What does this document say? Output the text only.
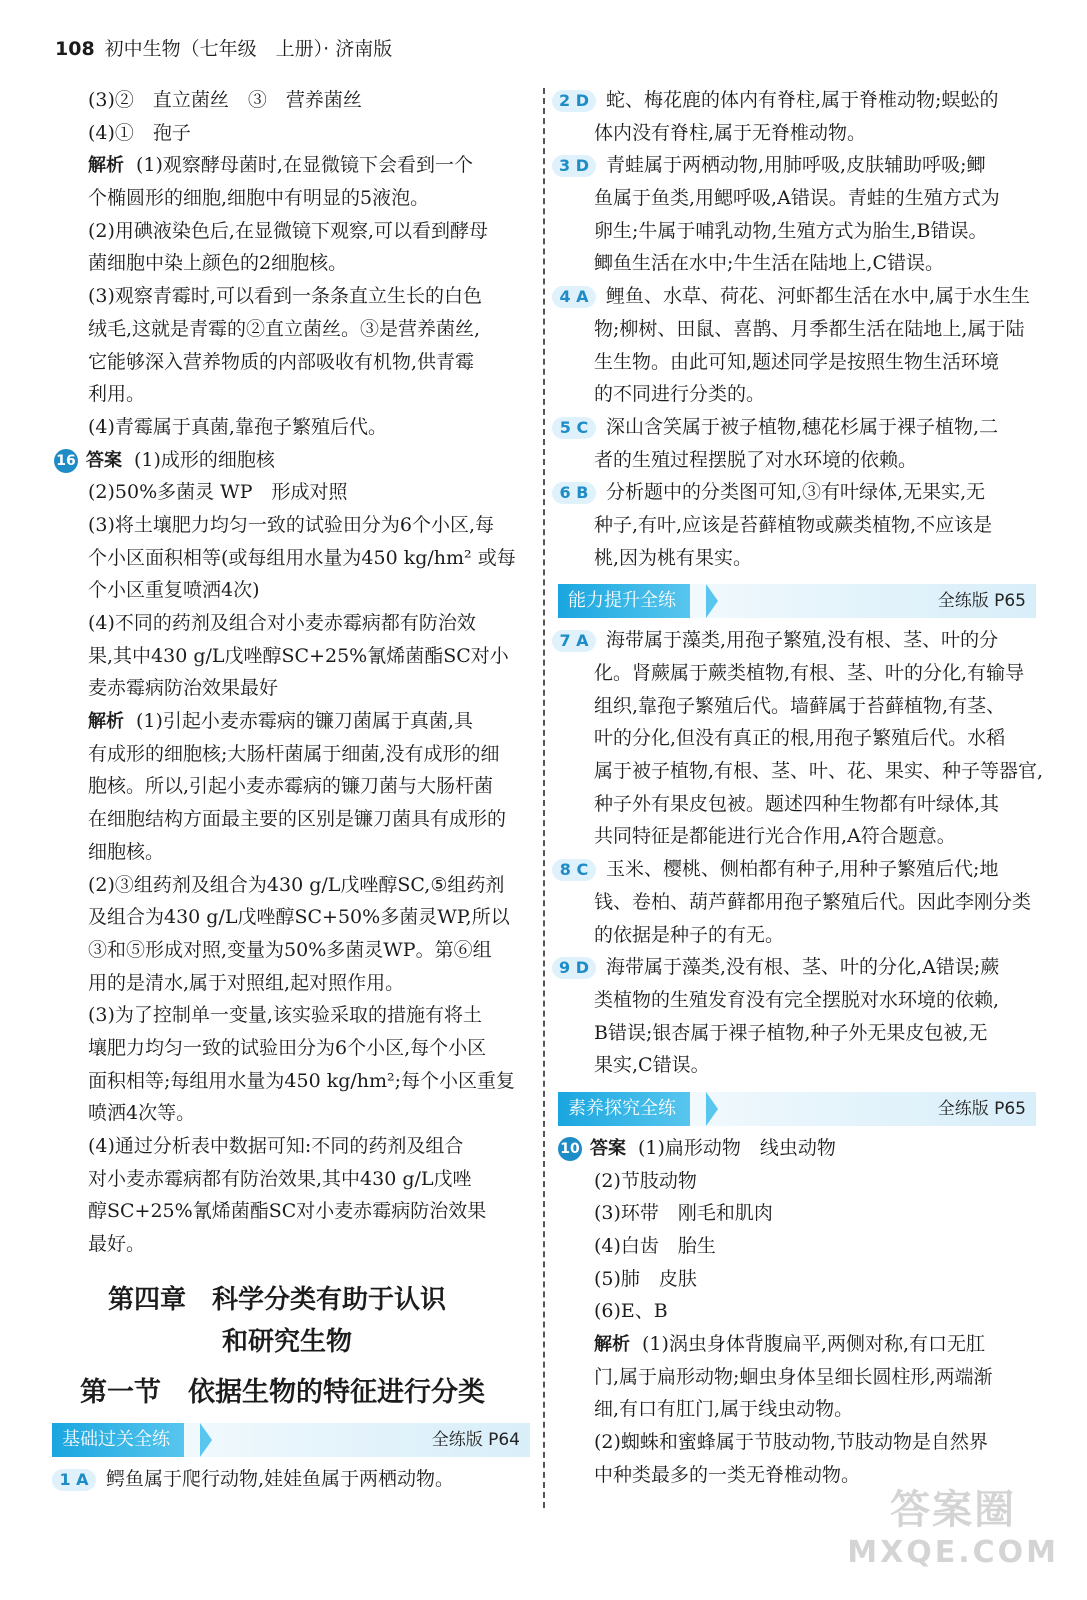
108 初中生物（七年级　上册）· 济南版
(3)②　直立菌丝　③　营养菌丝
(4)①　孢子
解析 (1)观察酵母菌时,在显微镜下会看到一个
个椭圆形的细胞,细胞中有明显的5液泡。
(2)用碘液染色后,在显微镜下观察,可以看到酵母
菌细胞中染上颜色的2细胞核。
(3)观察青霉时,可以看到一条条直立生长的白色
绒毛,这就是青霉的②直立菌丝。③是营养菌丝,
它能够深入营养物质的内部吸收有机物,供青霉
利用。
(4)青霉属于真菌,靠孢子繁殖后代。
16 答案 (1)成形的细胞核
(2)50%多菌灵 WP　形成对照
(3)将土壤肥力均匀一致的试验田分为6个小区,每
个小区面积相等(或每组用水量为450 kg/hm² 或每
个小区重复喷洒4次)
(4)不同的药剂及组合对小麦赤霉病都有防治效
果,其中430 g/L戊唑醇SC+25%氰烯菌酯SC对小
麦赤霉病防治效果最好
解析 (1)引起小麦赤霉病的镰刀菌属于真菌,具
有成形的细胞核;大肠杆菌属于细菌,没有成形的细
胞核。所以,引起小麦赤霉病的镰刀菌与大肠杆菌
在细胞结构方面最主要的区别是镰刀菌具有成形的
细胞核。
(2)③组药剂及组合为430 g/L戊唑醇SC,⑤组药剂
及组合为430 g/L戊唑醇SC+50%多菌灵WP,所以
③和⑤形成对照,变量为50%多菌灵WP。第⑥组
用的是清水,属于对照组,起对照作用。
(3)为了控制单一变量,该实验采取的措施有将土
壤肥力均匀一致的试验田分为6个小区,每个小区
面积相等;每组用水量为450 kg/hm²;每个小区重复
喷洒4次等。
(4)通过分析表中数据可知:不同的药剂及组合
对小麦赤霉病都有防治效果,其中430 g/L戊唑
醇SC+25%氰烯菌酯SC对小麦赤霉病防治效果
最好。
第四章　科学分类有助于认识
和研究生物
第一节　依据生物的特征进行分类
基础过关全练	全练版 P64
1 A 鳄鱼属于爬行动物,娃娃鱼属于两栖动物。
2 D 蛇、梅花鹿的体内有脊柱,属于脊椎动物;蜈蚣的
体内没有脊柱,属于无脊椎动物。
3 D 青蛙属于两栖动物,用肺呼吸,皮肤辅助呼吸;鲫
鱼属于鱼类,用鳃呼吸,A错误。青蛙的生殖方式为
卵生;牛属于哺乳动物,生殖方式为胎生,B错误。
鲫鱼生活在水中;牛生活在陆地上,C错误。
4 A 鲤鱼、水草、荷花、河虾都生活在水中,属于水生生
物;柳树、田鼠、喜鹊、月季都生活在陆地上,属于陆
生生物。由此可知,题述同学是按照生物生活环境
的不同进行分类的。
5 C 深山含笑属于被子植物,穗花杉属于裸子植物,二
者的生殖过程摆脱了对水环境的依赖。
6 B 分析题中的分类图可知,③有叶绿体,无果实,无
种子,有叶,应该是苔藓植物或蕨类植物,不应该是
桃,因为桃有果实。
能力提升全练	全练版 P65
7 A 海带属于藻类,用孢子繁殖,没有根、茎、叶的分
化。肾蕨属于蕨类植物,有根、茎、叶的分化,有输导
组织,靠孢子繁殖后代。墙藓属于苔藓植物,有茎、
叶的分化,但没有真正的根,用孢子繁殖后代。水稻
属于被子植物,有根、茎、叶、花、果实、种子等器官,
种子外有果皮包被。题述四种生物都有叶绿体,其
共同特征是都能进行光合作用,A符合题意。
8 C 玉米、樱桃、侧柏都有种子,用种子繁殖后代;地
钱、卷柏、葫芦藓都用孢子繁殖后代。因此李刚分类
的依据是种子的有无。
9 D 海带属于藻类,没有根、茎、叶的分化,A错误;蕨
类植物的生殖发育没有完全摆脱对水环境的依赖,
B错误;银杏属于裸子植物,种子外无果皮包被,无
果实,C错误。
素养探究全练	全练版 P65
10 答案 (1)扁形动物　线虫动物
(2)节肢动物
(3)环带　刚毛和肌肉
(4)白齿　胎生
(5)肺　皮肤
(6)E、B
解析 (1)涡虫身体背腹扁平,两侧对称,有口无肛
门,属于扁形动物;蛔虫身体呈细长圆柱形,两端渐
细,有口有肛门,属于线虫动物。
(2)蜘蛛和蜜蜂属于节肢动物,节肢动物是自然界
中种类最多的一类无脊椎动物。
答案圈
MXQE.COM
